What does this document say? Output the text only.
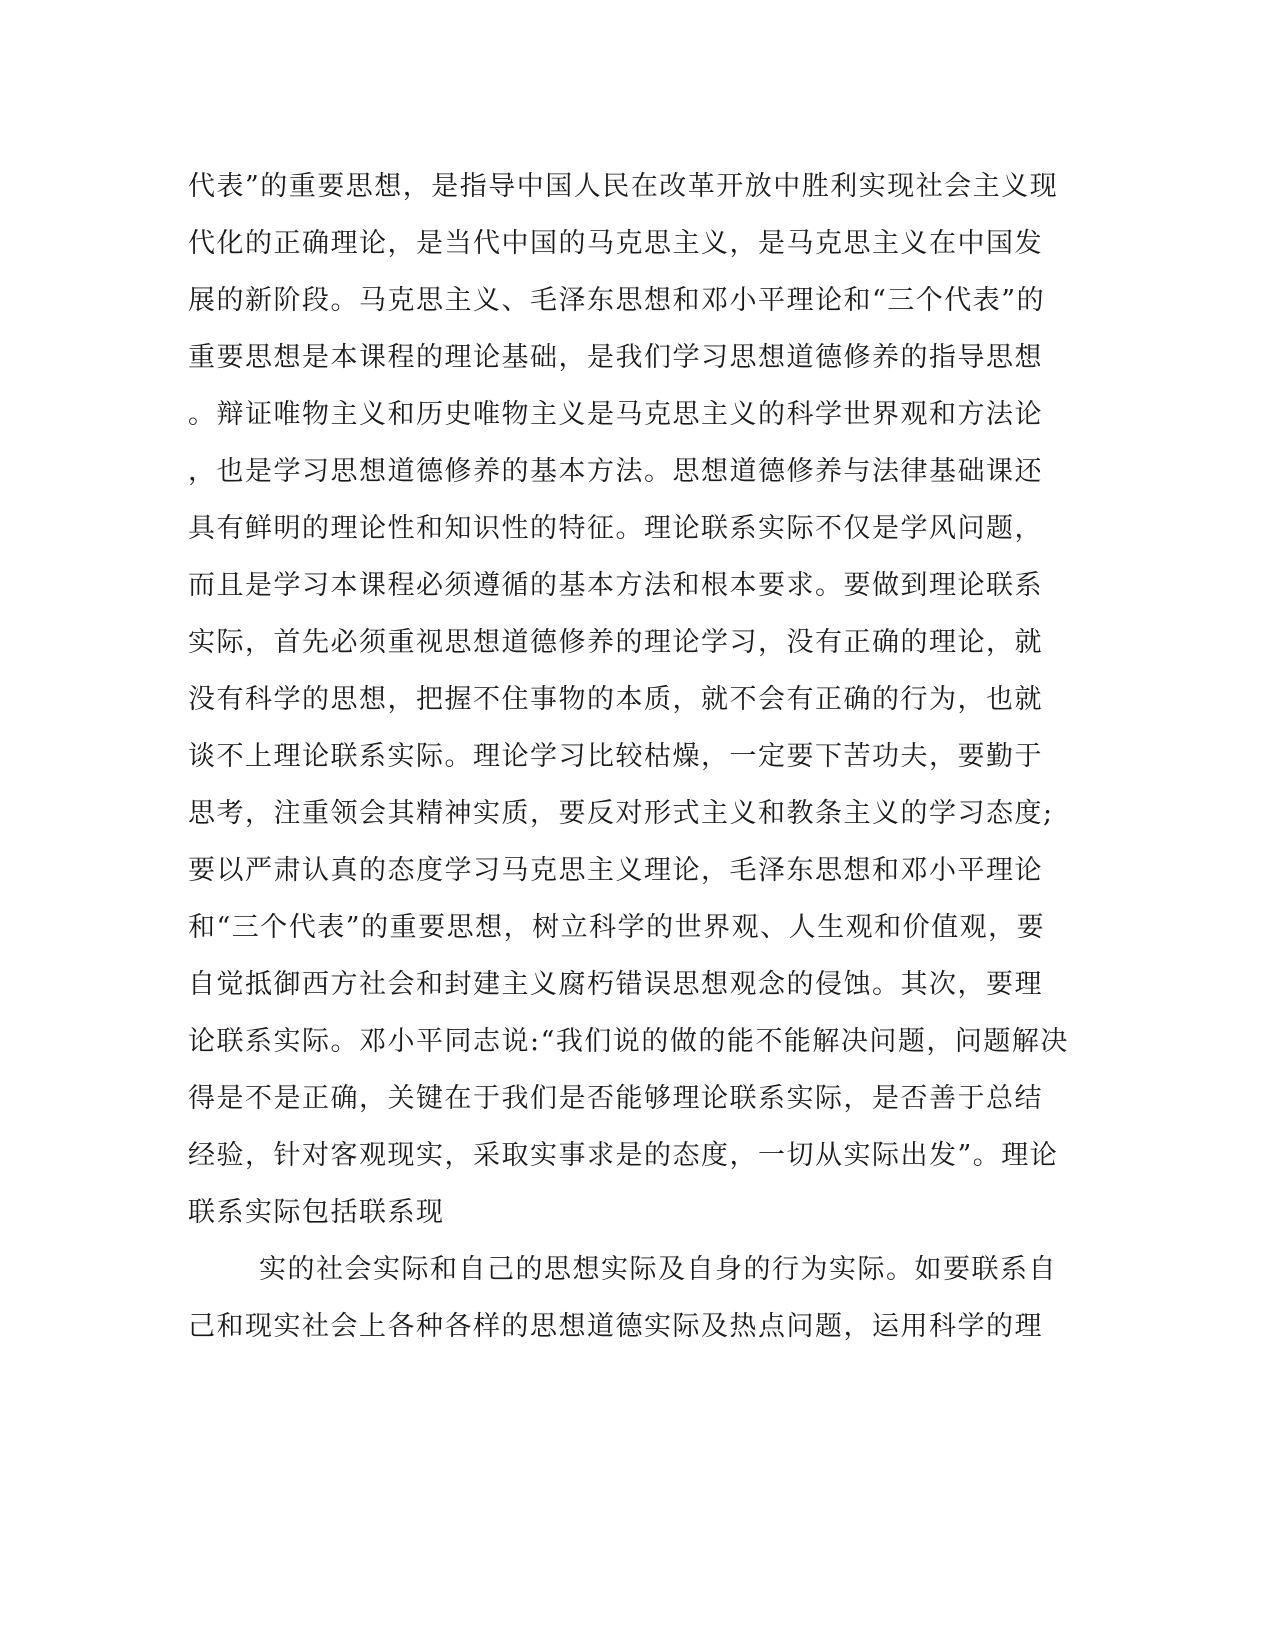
代表”的重要思想，是指导中国人民在改革开放中胜利实现社会主义现
代化的正确理论，是当代中国的马克思主义，是马克思主义在中国发
展的新阶段。马克思主义、毛泽东思想和邓小平理论和“三个代表”的
重要思想是本课程的理论基础，是我们学习思想道德修养的指导思想
。辩证唯物主义和历史唯物主义是马克思主义的科学世界观和方法论
，也是学习思想道德修养的基本方法。思想道德修养与法律基础课还
具有鲜明的理论性和知识性的特征。理论联系实际不仅是学风问题，
而且是学习本课程必须遵循的基本方法和根本要求。要做到理论联系
实际，首先必须重视思想道德修养的理论学习，没有正确的理论，就
没有科学的思想，把握不住事物的本质，就不会有正确的行为，也就
谈不上理论联系实际。理论学习比较枯燥，一定要下苦功夫，要勤于
思考，注重领会其精神实质，要反对形式主义和教条主义的学习态度;
要以严肃认真的态度学习马克思主义理论，毛泽东思想和邓小平理论
和“三个代表”的重要思想，树立科学的世界观、人生观和价值观，要
自觉抵御西方社会和封建主义腐朽错误思想观念的侵蚀。其次，要理
论联系实际。邓小平同志说:“我们说的做的能不能解决问题，问题解决
得是不是正确，关键在于我们是否能够理论联系实际，是否善于总结
经验，针对客观现实，采取实事求是的态度，一切从实际出发”。理论
联系实际包括联系现
实的社会实际和自己的思想实际及自身的行为实际。如要联系自
己和现实社会上各种各样的思想道德实际及热点问题，运用科学的理
